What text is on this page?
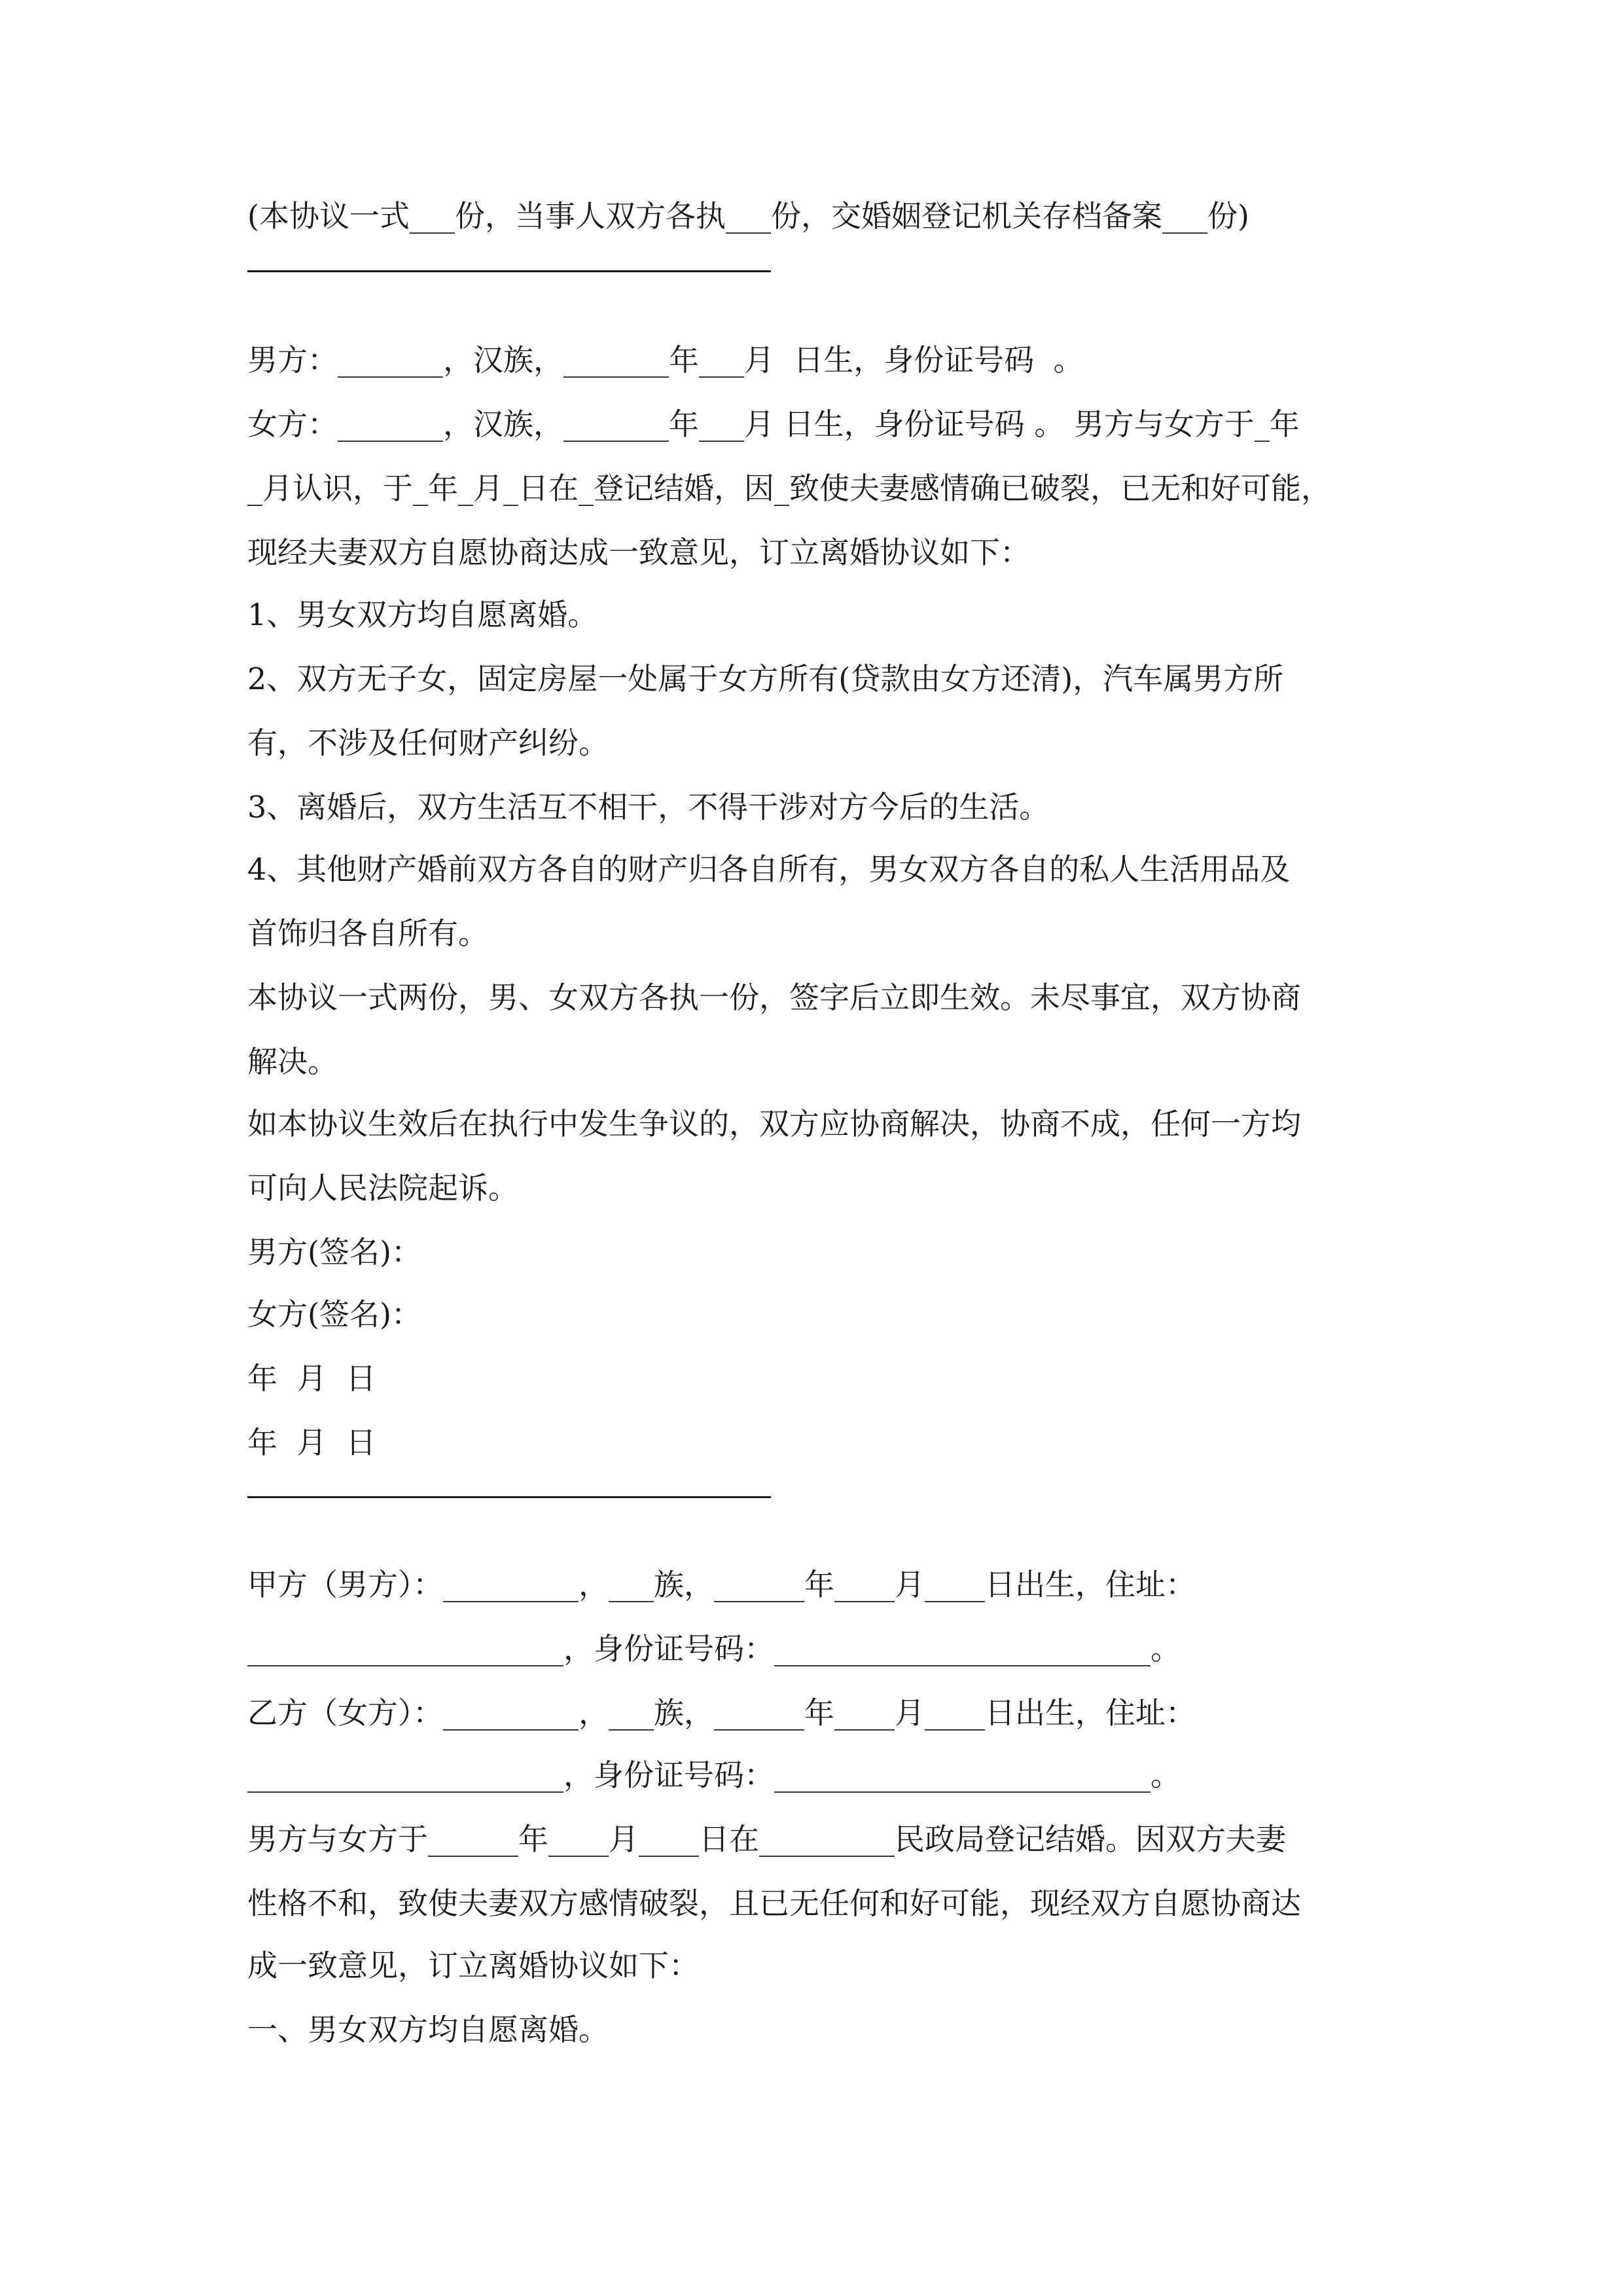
(本协议一式___份，当事人双方各执___份，交婚姻登记机关存档备案___份)
男方：_______，汉族，_______年___月  日生，身份证号码  。
女方：_______，汉族，_______年___月 日生，身份证号码 。 男方与女方于_年
_月认识，于_年_月_日在_登记结婚，因_致使夫妻感情确已破裂，已无和好可能，
现经夫妻双方自愿协商达成一致意见，订立离婚协议如下：
1、男女双方均自愿离婚。
2、双方无子女，固定房屋一处属于女方所有(贷款由女方还清)，汽车属男方所
有，不涉及任何财产纠纷。
3、离婚后，双方生活互不相干，不得干涉对方今后的生活。
4、其他财产婚前双方各自的财产归各自所有，男女双方各自的私人生活用品及
首饰归各自所有。
本协议一式两份，男、女双方各执一份，签字后立即生效。未尽事宜，双方协商
解决。
如本协议生效后在执行中发生争议的，双方应协商解决，协商不成，任何一方均
可向人民法院起诉。
男方(签名)：
女方(签名)：
年  月  日
年  月  日
甲方（男方）：_________，___族，______年____月____日出生，住址：
_____________________，身份证号码：_________________________。
乙方（女方）：_________，___族，______年____月____日出生，住址：
_____________________，身份证号码：_________________________。
男方与女方于______年____月____日在_________民政局登记结婚。因双方夫妻
性格不和，致使夫妻双方感情破裂，且已无任何和好可能，现经双方自愿协商达
成一致意见，订立离婚协议如下：
一、男女双方均自愿离婚。
